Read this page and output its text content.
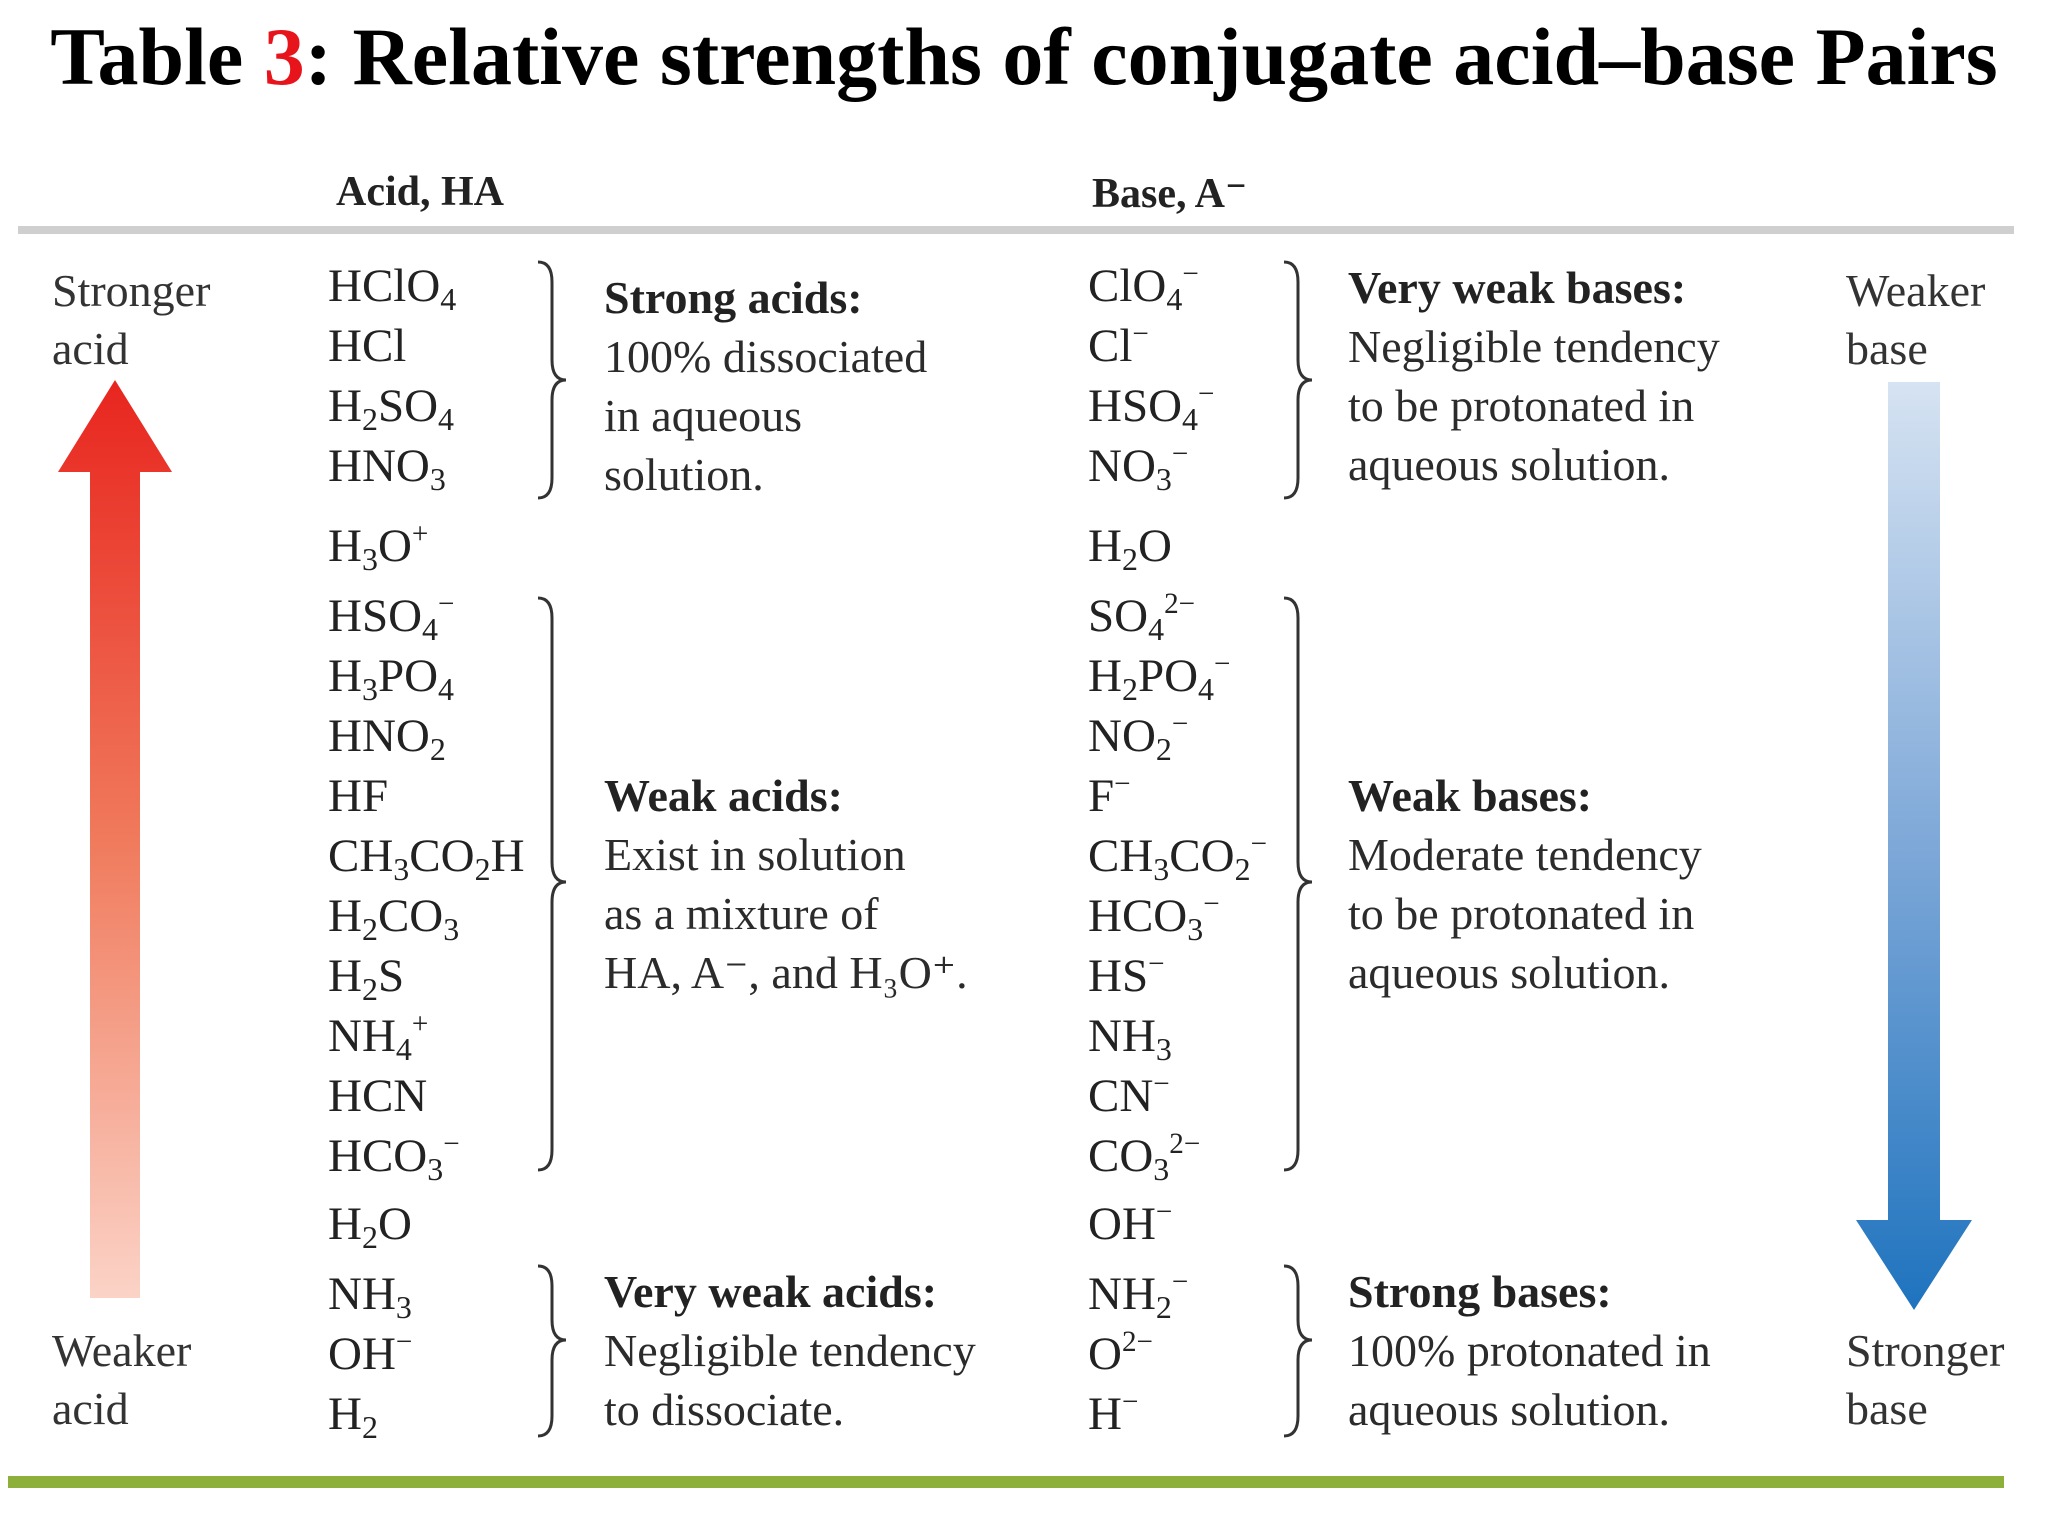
Table 3: Relative strengths of conjugate acid–base Pairs
Acid, HA	Base, A⁻
Stronger
acid
Weaker
acid
Weaker
base
Stronger
base
HClO$_4$
HCl
$H_2SO_4$
$HNO_3$
$H_3O^+$
$HSO_4^-$
$H_3PO_4$
$HNO_2$
HF
$CH_3CO_2H$
$H_2CO_3$
$H_2S$
$NH_4^+$
HCN
$HCO_3^-$
$H_2O$
$NH_3$
OH−
$H_2$
ClO$_4$−
Cl−
$HSO_4^-$
$NO_3^-$
$H_2O$
$SO_4^{2-}$
$H_2PO_4^-$
$NO_2^-$
F−
$CH_3CO_2^-$
$HCO_3^-$
HS−
$NH_3$
CN−
$CO_3^{2-}$
OH−
$NH_2^-$
$O^{2-}$
H−
Strong acids:
100% dissociated
in aqueous
solution.
Weak acids:
Exist in solution
as a mixture of
HA, A⁻, and H₃O⁺.
Very weak acids:
Negligible tendency
to dissociate.
Very weak bases:
Negligible tendency
to be protonated in
aqueous solution.
Weak bases:
Moderate tendency
to be protonated in
aqueous solution.
Strong bases:
100% protonated in
aqueous solution.
